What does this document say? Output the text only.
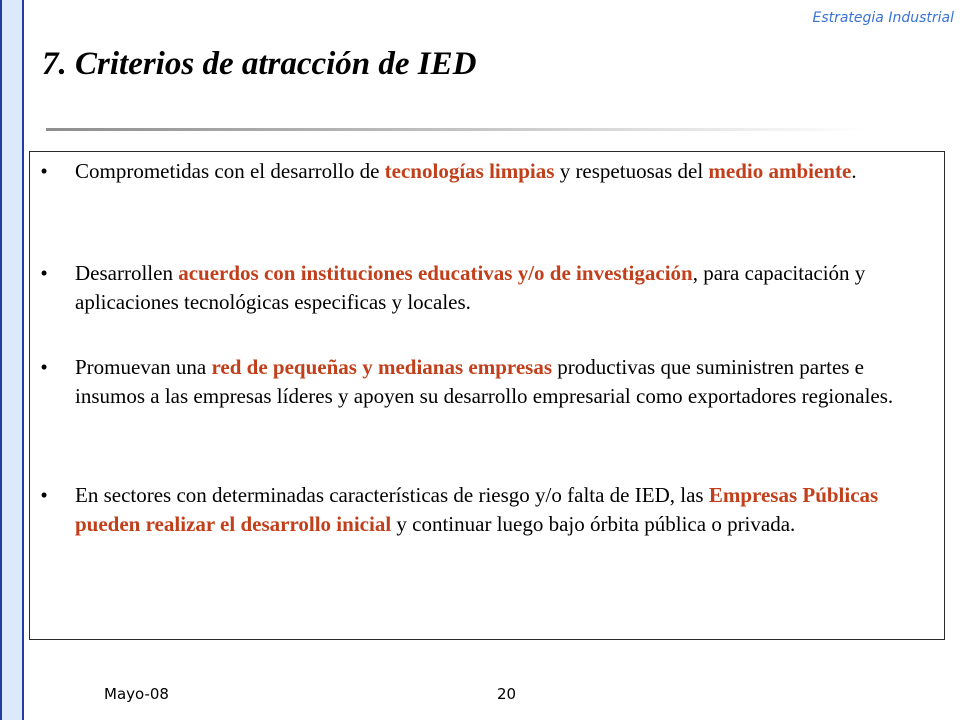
Estrategia Industrial
7. Criterios de atracción de IED
•	Comprometidas con el desarrollo de tecnologías limpias y respetuosas del medio ambiente.
•	Desarrollen acuerdos con instituciones educativas y/o de investigación, para capacitación y aplicaciones tecnológicas especificas y locales.
•	Promuevan una red de pequeñas y medianas empresas productivas que suministren partes e insumos a las empresas líderes y apoyen su desarrollo empresarial como exportadores regionales.
•	En sectores con determinadas características de riesgo y/o falta de IED, las Empresas Públicas pueden realizar el desarrollo inicial y continuar luego bajo órbita pública o privada.
Mayo-08	20
